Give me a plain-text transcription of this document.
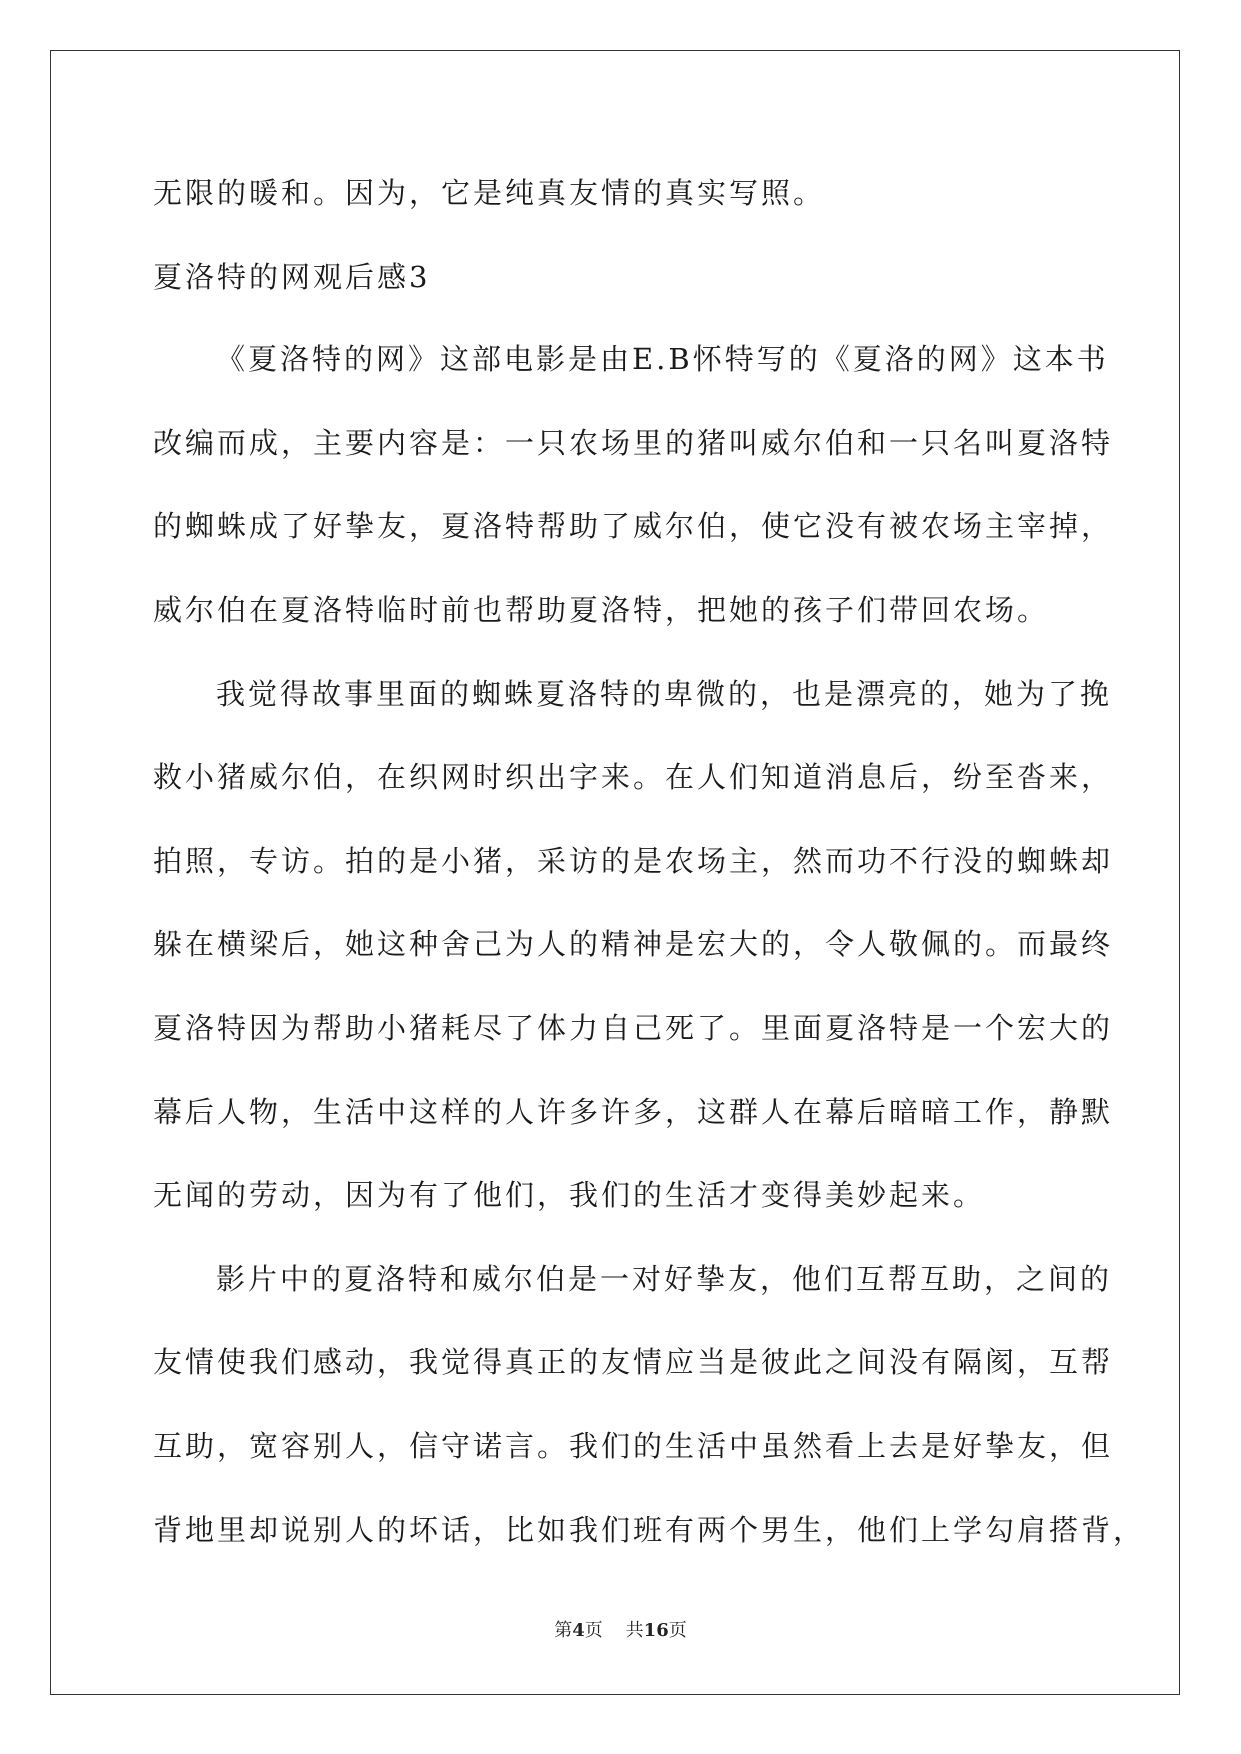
无限的暖和。因为，它是纯真友情的真实写照。

夏洛特的网观后感3

《夏洛特的网》这部电影是由E.B怀特写的《夏洛的网》这本书

改编而成，主要内容是：一只农场里的猪叫威尔伯和一只名叫夏洛特

的蜘蛛成了好挚友，夏洛特帮助了威尔伯，使它没有被农场主宰掉，

威尔伯在夏洛特临时前也帮助夏洛特，把她的孩子们带回农场。

我觉得故事里面的蜘蛛夏洛特的卑微的，也是漂亮的，她为了挽

救小猪威尔伯，在织网时织出字来。在人们知道消息后，纷至沓来，

拍照，专访。拍的是小猪，采访的是农场主，然而功不行没的蜘蛛却

躲在横梁后，她这种舍己为人的精神是宏大的，令人敬佩的。而最终

夏洛特因为帮助小猪耗尽了体力自己死了。里面夏洛特是一个宏大的

幕后人物，生活中这样的人许多许多，这群人在幕后暗暗工作，静默

无闻的劳动，因为有了他们，我们的生活才变得美妙起来。

影片中的夏洛特和威尔伯是一对好挚友，他们互帮互助，之间的

友情使我们感动，我觉得真正的友情应当是彼此之间没有隔阂，互帮

互助，宽容别人，信守诺言。我们的生活中虽然看上去是好挚友，但

背地里却说别人的坏话，比如我们班有两个男生，他们上学勾肩搭背，

第4页 共16页
